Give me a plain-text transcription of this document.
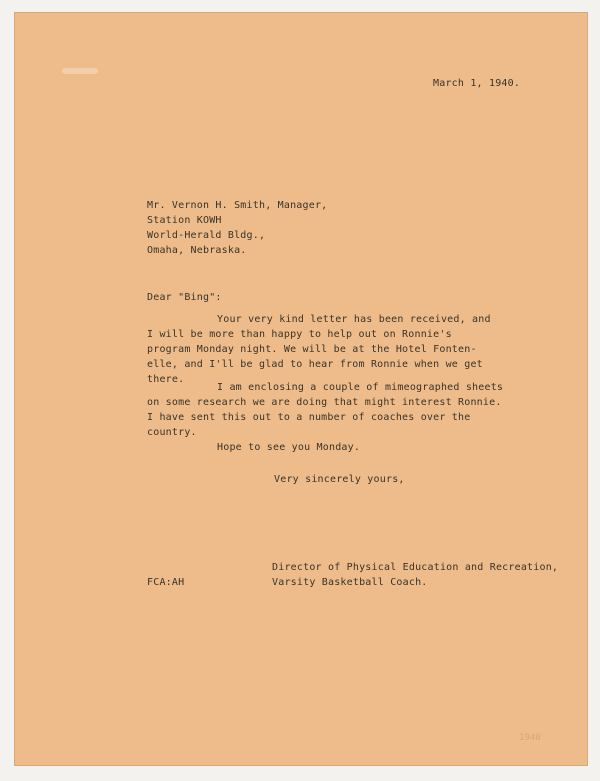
March 1, 1940.
Mr. Vernon H. Smith, Manager,
Station KOWH
World-Herald Bldg.,
Omaha, Nebraska.
Dear "Bing":
Your very kind letter has been received, and
I will be more than happy to help out on Ronnie's
program Monday night. We will be at the Hotel Fonten-
elle, and I'll be glad to hear from Ronnie when we get
there.
I am enclosing a couple of mimeographed sheets
on some research we are doing that might interest Ronnie.
I have sent this out to a number of coaches over the
country.
Hope to see you Monday.
Very sincerely yours,
FCA:AH
Director of Physical Education and Recreation,
Varsity Basketball Coach.
1940
